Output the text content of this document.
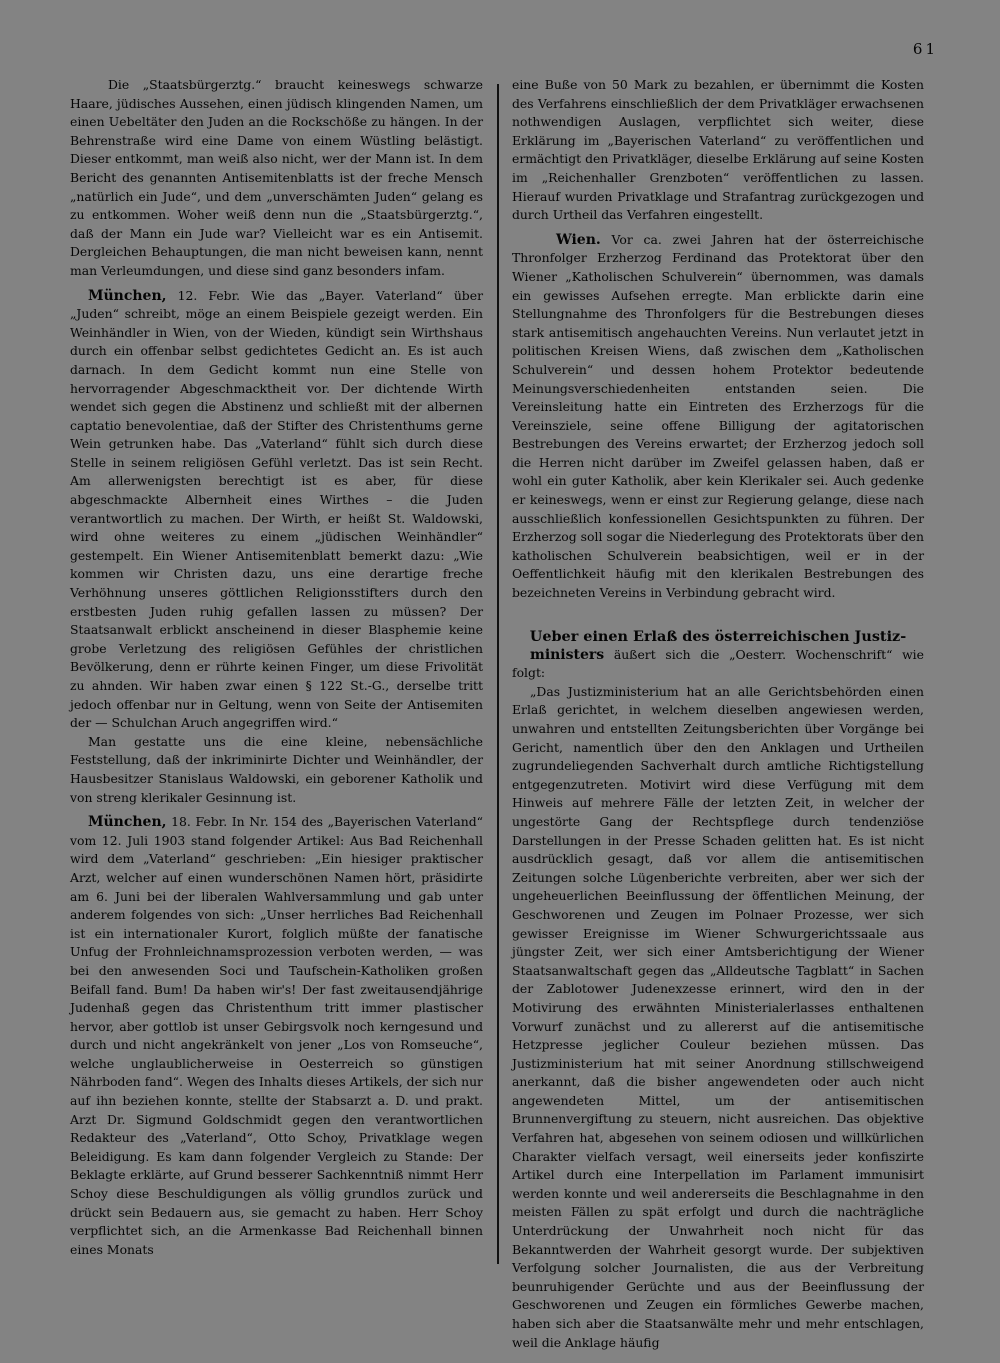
61

Die „Staatsbürgerztg.“ braucht keineswegs schwarze Haare, jüdisches Aussehen, einen jüdisch klingenden Namen, um einen Uebeltäter den Juden an die Rockschöße zu hängen. In der Behrenstraße wird eine Dame von einem Wüstling belästigt. Dieser entkommt, man weiß also nicht, wer der Mann ist. In dem Bericht des genannten Antisemitenblatts ist der freche Mensch „natürlich ein Jude“, und dem „unverschämten Juden“ gelang es zu entkommen. Woher weiß denn nun die „Staatsbürgerztg.“, daß der Mann ein Jude war? Vielleicht war es ein Antisemit. Dergleichen Behauptungen, die man nicht beweisen kann, nennt man Verleumdungen, und diese sind ganz besonders infam.

München, 12. Febr. Wie das „Bayer. Vaterland“ über „Juden“ schreibt, möge an einem Beispiele gezeigt werden. Ein Weinhändler in Wien, von der Wieden, kündigt sein Wirthshaus durch ein offenbar selbst gedichtetes Gedicht an. Es ist auch darnach. In dem Gedicht kommt nun eine Stelle von hervorragender Abgeschmacktheit vor. Der dichtende Wirth wendet sich gegen die Abstinenz und schließt mit der albernen captatio benevolentiae, daß der Stifter des Christenthums gerne Wein getrunken habe. Das „Vaterland“ fühlt sich durch diese Stelle in seinem religiösen Gefühl verletzt. Das ist sein Recht. Am allerwenigsten berechtigt ist es aber, für diese abgeschmackte Albernheit eines Wirthes – die Juden verantwortlich zu machen. Der Wirth, er heißt St. Waldowski, wird ohne weiteres zu einem „jüdischen Weinhändler“ gestempelt. Ein Wiener Antisemitenblatt bemerkt dazu: „Wie kommen wir Christen dazu, uns eine derartige freche Verhöhnung unseres göttlichen Religionsstifters durch den erstbesten Juden ruhig gefallen lassen zu müssen? Der Staatsanwalt erblickt anscheinend in dieser Blasphemie keine grobe Verletzung des religiösen Gefühles der christlichen Bevölkerung, denn er rührte keinen Finger, um diese Frivolität zu ahnden. Wir haben zwar einen § 122 St.-G., derselbe tritt jedoch offenbar nur in Geltung, wenn von Seite der Antisemiten der — Schulchan Aruch angegriffen wird.“

Man gestatte uns die eine kleine, nebensächliche Feststellung, daß der inkriminirte Dichter und Weinhändler, der Hausbesitzer Stanislaus Waldowski, ein geborener Katholik und von streng klerikaler Gesinnung ist.

München, 18. Febr. In Nr. 154 des „Bayerischen Vaterland“ vom 12. Juli 1903 stand folgender Artikel: Aus Bad Reichenhall wird dem „Vaterland“ geschrieben: „Ein hiesiger praktischer Arzt, welcher auf einen wunderschönen Namen hört, präsidirte am 6. Juni bei der liberalen Wahlversammlung und gab unter anderem folgendes von sich: „Unser herrliches Bad Reichenhall ist ein internationaler Kurort, folglich müßte der fanatische Unfug der Frohnleichnamsprozession verboten werden, — was bei den anwesenden Soci und Taufschein-Katholiken großen Beifall fand. Bum! Da haben wir's! Der fast zweitausendjährige Judenhaß gegen das Christenthum tritt immer plastischer hervor, aber gottlob ist unser Gebirgsvolk noch kerngesund und durch und nicht angekränkelt von jener „Los von Romseuche“, welche unglaublicherweise in Oesterreich so günstigen Nährboden fand“. Wegen des Inhalts dieses Artikels, der sich nur auf ihn beziehen konnte, stellte der Stabsarzt a. D. und prakt. Arzt Dr. Sigmund Goldschmidt gegen den verantwortlichen Redakteur des „Vaterland“, Otto Schoy, Privatklage wegen Beleidigung. Es kam dann folgender Vergleich zu Stande: Der Beklagte erklärte, auf Grund besserer Sachkenntniß nimmt Herr Schoy diese Beschuldigungen als völlig grundlos zurück und drückt sein Bedauern aus, sie gemacht zu haben. Herr Schoy verpflichtet sich, an die Armenkasse Bad Reichenhall binnen eines Monats

eine Buße von 50 Mark zu bezahlen, er übernimmt die Kosten des Verfahrens einschließlich der dem Privatkläger erwachsenen nothwendigen Auslagen, verpflichtet sich weiter, diese Erklärung im „Bayerischen Vaterland“ zu veröffentlichen und ermächtigt den Privatkläger, dieselbe Erklärung auf seine Kosten im „Reichenhaller Grenzboten“ veröffentlichen zu lassen. Hierauf wurden Privatklage und Strafantrag zurückgezogen und durch Urtheil das Verfahren eingestellt.

Wien. Vor ca. zwei Jahren hat der österreichische Thronfolger Erzherzog Ferdinand das Protektorat über den Wiener „Katholischen Schulverein“ übernommen, was damals ein gewisses Aufsehen erregte. Man erblickte darin eine Stellungnahme des Thronfolgers für die Bestrebungen dieses stark antisemitisch angehauchten Vereins. Nun verlautet jetzt in politischen Kreisen Wiens, daß zwischen dem „Katholischen Schulverein“ und dessen hohem Protektor bedeutende Meinungsverschiedenheiten entstanden seien. Die Vereinsleitung hatte ein Eintreten des Erzherzogs für die Vereinsziele, seine offene Billigung der agitatorischen Bestrebungen des Vereins erwartet; der Erzherzog jedoch soll die Herren nicht darüber im Zweifel gelassen haben, daß er wohl ein guter Katholik, aber kein Klerikaler sei. Auch gedenke er keineswegs, wenn er einst zur Regierung gelange, diese nach ausschließlich konfessionellen Gesichtspunkten zu führen. Der Erzherzog soll sogar die Niederlegung des Protektorats über den katholischen Schulverein beabsichtigen, weil er in der Oeffentlichkeit häufig mit den klerikalen Bestrebungen des bezeichneten Vereins in Verbindung gebracht wird.

Ueber einen Erlaß des österreichischen Justiz-

ministers äußert sich die „Oesterr. Wochenschrift“ wie folgt:

„Das Justizministerium hat an alle Gerichtsbehörden einen Erlaß gerichtet, in welchem dieselben angewiesen werden, unwahren und entstellten Zeitungsberichten über Vorgänge bei Gericht, namentlich über den den Anklagen und Urtheilen zugrundeliegenden Sachverhalt durch amtliche Richtigstellung entgegenzutreten. Motivirt wird diese Verfügung mit dem Hinweis auf mehrere Fälle der letzten Zeit, in welcher der ungestörte Gang der Rechtspflege durch tendenziöse Darstellungen in der Presse Schaden gelitten hat. Es ist nicht ausdrücklich gesagt, daß vor allem die antisemitischen Zeitungen solche Lügenberichte verbreiten, aber wer sich der ungeheuerlichen Beeinflussung der öffentlichen Meinung, der Geschworenen und Zeugen im Polnaer Prozesse, wer sich gewisser Ereignisse im Wiener Schwurgerichtssaale aus jüngster Zeit, wer sich einer Amtsberichtigung der Wiener Staatsanwaltschaft gegen das „Alldeutsche Tagblatt“ in Sachen der Zablotower Judenexzesse erinnert, wird den in der Motivirung des erwähnten Ministerialerlasses enthaltenen Vorwurf zunächst und zu allererst auf die antisemitische Hetzpresse jeglicher Couleur beziehen müssen. Das Justizministerium hat mit seiner Anordnung stillschweigend anerkannt, daß die bisher angewendeten oder auch nicht angewendeten Mittel, um der antisemitischen Brunnenvergiftung zu steuern, nicht ausreichen. Das objektive Verfahren hat, abgesehen von seinem odiosen und willkürlichen Charakter vielfach versagt, weil einerseits jeder konfiszirte Artikel durch eine Interpellation im Parlament immunisirt werden konnte und weil andererseits die Beschlagnahme in den meisten Fällen zu spät erfolgt und durch die nachträgliche Unterdrückung der Unwahrheit noch nicht für das Bekanntwerden der Wahrheit gesorgt wurde. Der subjektiven Verfolgung solcher Journalisten, die aus der Verbreitung beunruhigender Gerüchte und aus der Beeinflussung der Geschworenen und Zeugen ein förmliches Gewerbe machen, haben sich aber die Staatsanwälte mehr und mehr entschlagen, weil die Anklage häufig
